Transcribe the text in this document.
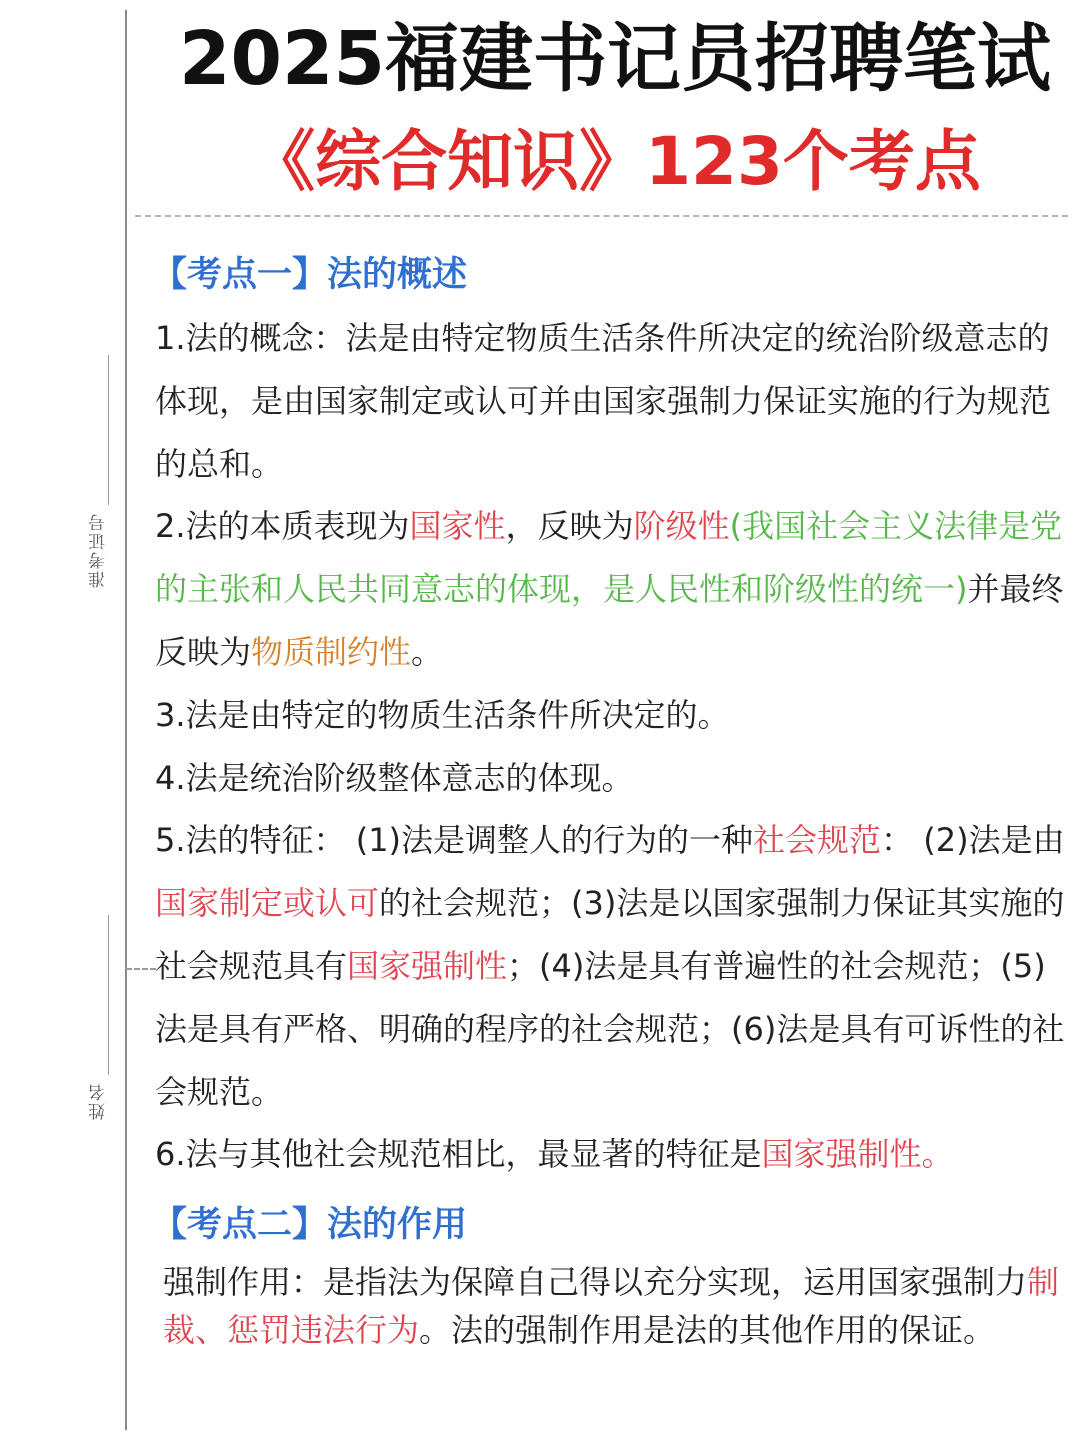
准考证号
姓名
2025福建书记员招聘笔试
《综合知识》123个考点
【考点一】法的概述

1.法的概念：法是由特定物质生活条件所决定的统治阶级意志的体现，是由国家制定或认可并由国家强制力保证实施的行为规范的总和。

2.法的本质表现为国家性，反映为阶级性(我国社会主义法律是党的主张和人民共同意志的体现，是人民性和阶级性的统一)并最终反映为物质制约性。

3.法是由特定的物质生活条件所决定的。

4.法是统治阶级整体意志的体现。

5.法的特征： (1)法是调整人的行为的一种社会规范： (2)法是由国家制定或认可的社会规范；(3)法是以国家强制力保证其实施的社会规范具有国家强制性；(4)法是具有普遍性的社会规范；(5)法是具有严格、明确的程序的社会规范；(6)法是具有可诉性的社会规范。

6.法与其他社会规范相比，最显著的特征是国家强制性。

【考点二】法的作用

强制作用：是指法为保障自己得以充分实现，运用国家强制力制裁、惩罚违法行为。法的强制作用是法的其他作用的保证。
